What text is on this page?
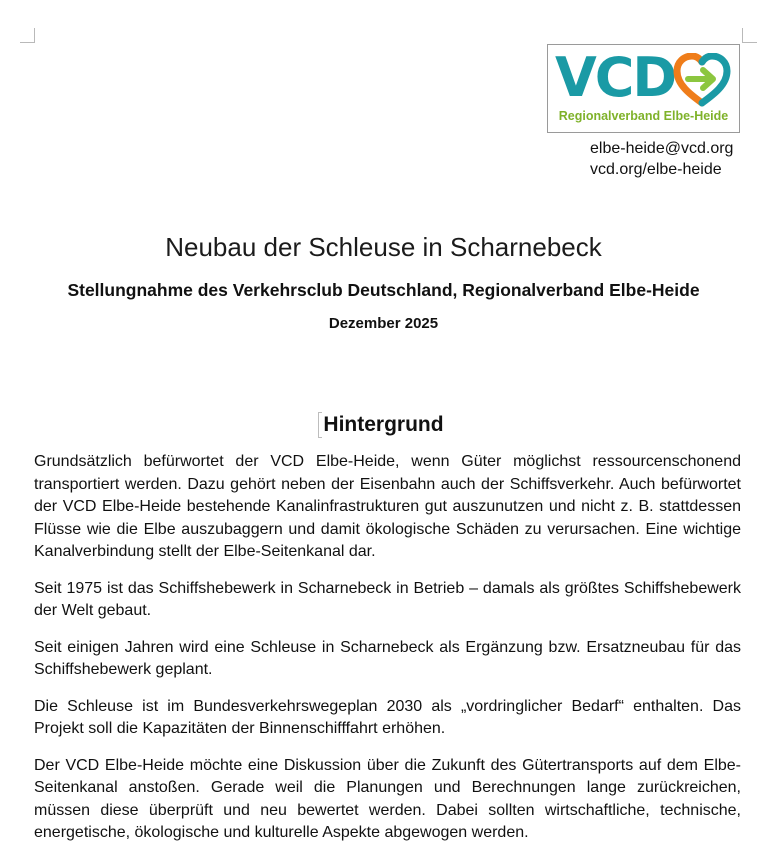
VCD
Regionalverband Elbe-Heide
elbe-heide@vcd.org
vcd.org/elbe-heide
Neubau der Schleuse in Scharnebeck
Stellungnahme des Verkehrsclub Deutschland, Regionalverband Elbe-Heide
Dezember 2025
Hintergrund

Grundsätzlich befürwortet der VCD Elbe-Heide, wenn Güter möglichst ressourcenschonend transportiert werden. Dazu gehört neben der Eisenbahn auch der Schiffsverkehr. Auch befürwortet der VCD Elbe-Heide bestehende Kanalinfrastrukturen gut auszunutzen und nicht z. B. stattdessen Flüsse wie die Elbe auszubaggern und damit ökologische Schäden zu verursachen. Eine wichtige Kanalverbindung stellt der Elbe-Seitenkanal dar.

Seit 1975 ist das Schiffshebewerk in Scharnebeck in Betrieb – damals als größtes Schiffshebewerk der Welt gebaut.

Seit einigen Jahren wird eine Schleuse in Scharnebeck als Ergänzung bzw. Ersatzneubau für das Schiffshebewerk geplant.

Die Schleuse ist im Bundesverkehrswegeplan 2030 als „vordringlicher Bedarf“ enthalten. Das Projekt soll die Kapazitäten der Binnenschifffahrt erhöhen.

Der VCD Elbe-Heide möchte eine Diskussion über die Zukunft des Gütertransports auf dem Elbe-Seitenkanal anstoßen. Gerade weil die Planungen und Berechnungen lange zurückreichen, müssen diese überprüft und neu bewertet werden. Dabei sollten wirtschaftliche, technische, energetische, ökologische und kulturelle Aspekte abgewogen werden.
